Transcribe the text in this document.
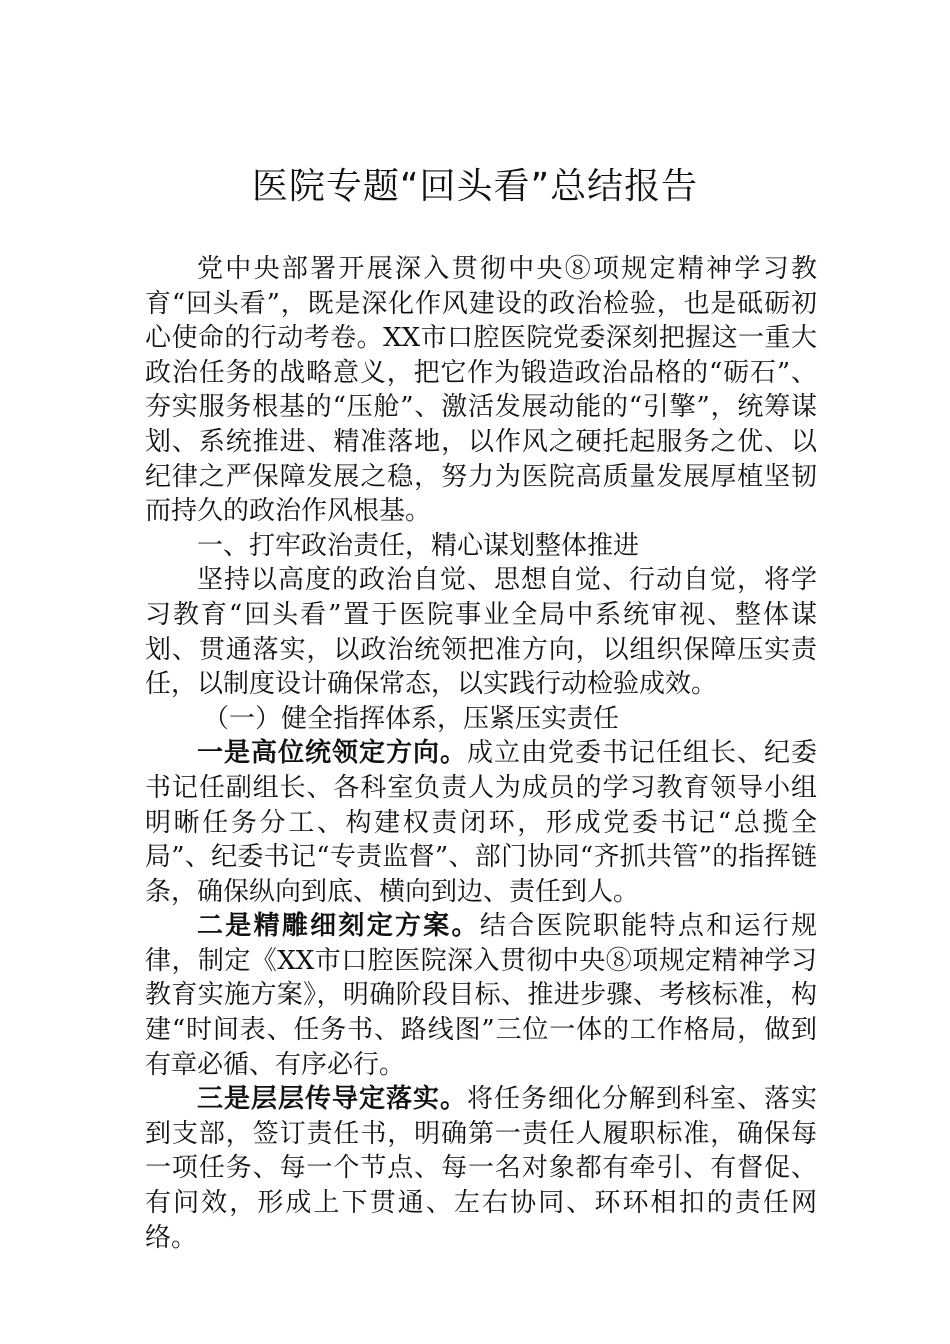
医院专题“回头看”总结报告

党中央部署开展深入贯彻中央⑧项规定精神学习教育“回头看”，既是深化作风建设的政治检验，也是砥砺初心使命的行动考卷。XX市口腔医院党委深刻把握这一重大政治任务的战略意义，把它作为锻造政治品格的“砺石”、夯实服务根基的“压舱”、激活发展动能的“引擎”，统筹谋划、系统推进、精准落地，以作风之硬托起服务之优、以纪律之严保障发展之稳，努力为医院高质量发展厚植坚韧而持久的政治作风根基。

一、打牢政治责任，精心谋划整体推进

坚持以高度的政治自觉、思想自觉、行动自觉，将学习教育“回头看”置于医院事业全局中系统审视、整体谋划、贯通落实，以政治统领把准方向，以组织保障压实责任，以制度设计确保常态，以实践行动检验成效。

（一）健全指挥体系，压紧压实责任

一是高位统领定方向。成立由党委书记任组长、纪委书记任副组长、各科室负责人为成员的学习教育领导小组明晰任务分工、构建权责闭环，形成党委书记“总揽全局”、纪委书记“专责监督”、部门协同“齐抓共管”的指挥链条，确保纵向到底、横向到边、责任到人。

二是精雕细刻定方案。结合医院职能特点和运行规律，制定《XX市口腔医院深入贯彻中央⑧项规定精神学习教育实施方案》，明确阶段目标、推进步骤、考核标准，构建“时间表、任务书、路线图”三位一体的工作格局，做到有章必循、有序必行。

三是层层传导定落实。将任务细化分解到科室、落实到支部，签订责任书，明确第一责任人履职标准，确保每一项任务、每一个节点、每一名对象都有牵引、有督促、有问效，形成上下贯通、左右协同、环环相扣的责任网络。
